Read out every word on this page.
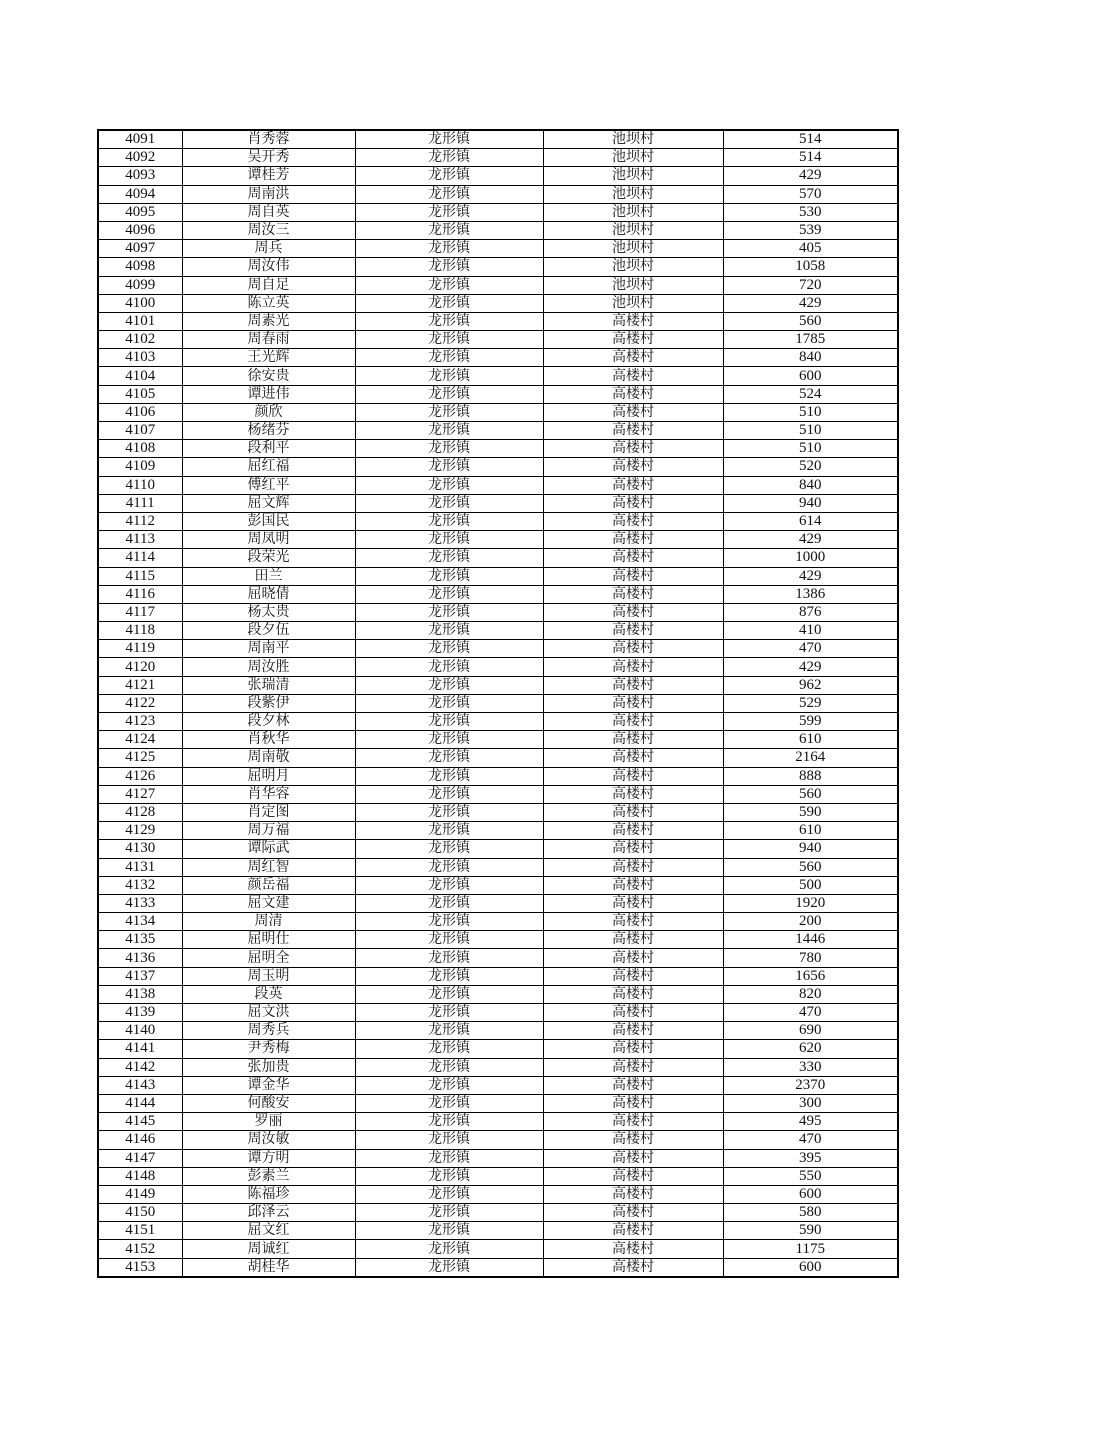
4091	肖秀蓉	龙形镇	池坝村	514
4092	吴开秀	龙形镇	池坝村	514
4093	谭桂芳	龙形镇	池坝村	429
4094	周南洪	龙形镇	池坝村	570
4095	周自英	龙形镇	池坝村	530
4096	周汝三	龙形镇	池坝村	539
4097	周兵	龙形镇	池坝村	405
4098	周汝伟	龙形镇	池坝村	1058
4099	周自足	龙形镇	池坝村	720
4100	陈立英	龙形镇	池坝村	429
4101	周素光	龙形镇	高楼村	560
4102	周春雨	龙形镇	高楼村	1785
4103	王光辉	龙形镇	高楼村	840
4104	徐安贵	龙形镇	高楼村	600
4105	谭进伟	龙形镇	高楼村	524
4106	颜欣	龙形镇	高楼村	510
4107	杨绪芬	龙形镇	高楼村	510
4108	段利平	龙形镇	高楼村	510
4109	屈红福	龙形镇	高楼村	520
4110	傅红平	龙形镇	高楼村	840
4111	屈文辉	龙形镇	高楼村	940
4112	彭国民	龙形镇	高楼村	614
4113	周凤明	龙形镇	高楼村	429
4114	段荣光	龙形镇	高楼村	1000
4115	田兰	龙形镇	高楼村	429
4116	屈晓倩	龙形镇	高楼村	1386
4117	杨太贵	龙形镇	高楼村	876
4118	段夕伍	龙形镇	高楼村	410
4119	周南平	龙形镇	高楼村	470
4120	周汝胜	龙形镇	高楼村	429
4121	张瑞清	龙形镇	高楼村	962
4122	段紫伊	龙形镇	高楼村	529
4123	段夕林	龙形镇	高楼村	599
4124	肖秋华	龙形镇	高楼村	610
4125	周南敬	龙形镇	高楼村	2164
4126	屈明月	龙形镇	高楼村	888
4127	肖华容	龙形镇	高楼村	560
4128	肖定图	龙形镇	高楼村	590
4129	周万福	龙形镇	高楼村	610
4130	谭际武	龙形镇	高楼村	940
4131	周红智	龙形镇	高楼村	560
4132	颜岳福	龙形镇	高楼村	500
4133	屈文建	龙形镇	高楼村	1920
4134	周清	龙形镇	高楼村	200
4135	屈明仕	龙形镇	高楼村	1446
4136	屈明全	龙形镇	高楼村	780
4137	周玉明	龙形镇	高楼村	1656
4138	段英	龙形镇	高楼村	820
4139	屈文洪	龙形镇	高楼村	470
4140	周秀兵	龙形镇	高楼村	690
4141	尹秀梅	龙形镇	高楼村	620
4142	张加贵	龙形镇	高楼村	330
4143	谭金华	龙形镇	高楼村	2370
4144	何酸安	龙形镇	高楼村	300
4145	罗丽	龙形镇	高楼村	495
4146	周汝敏	龙形镇	高楼村	470
4147	谭方明	龙形镇	高楼村	395
4148	彭素兰	龙形镇	高楼村	550
4149	陈福珍	龙形镇	高楼村	600
4150	邱泽云	龙形镇	高楼村	580
4151	屈文红	龙形镇	高楼村	590
4152	周诚红	龙形镇	高楼村	1175
4153	胡桂华	龙形镇	高楼村	600
